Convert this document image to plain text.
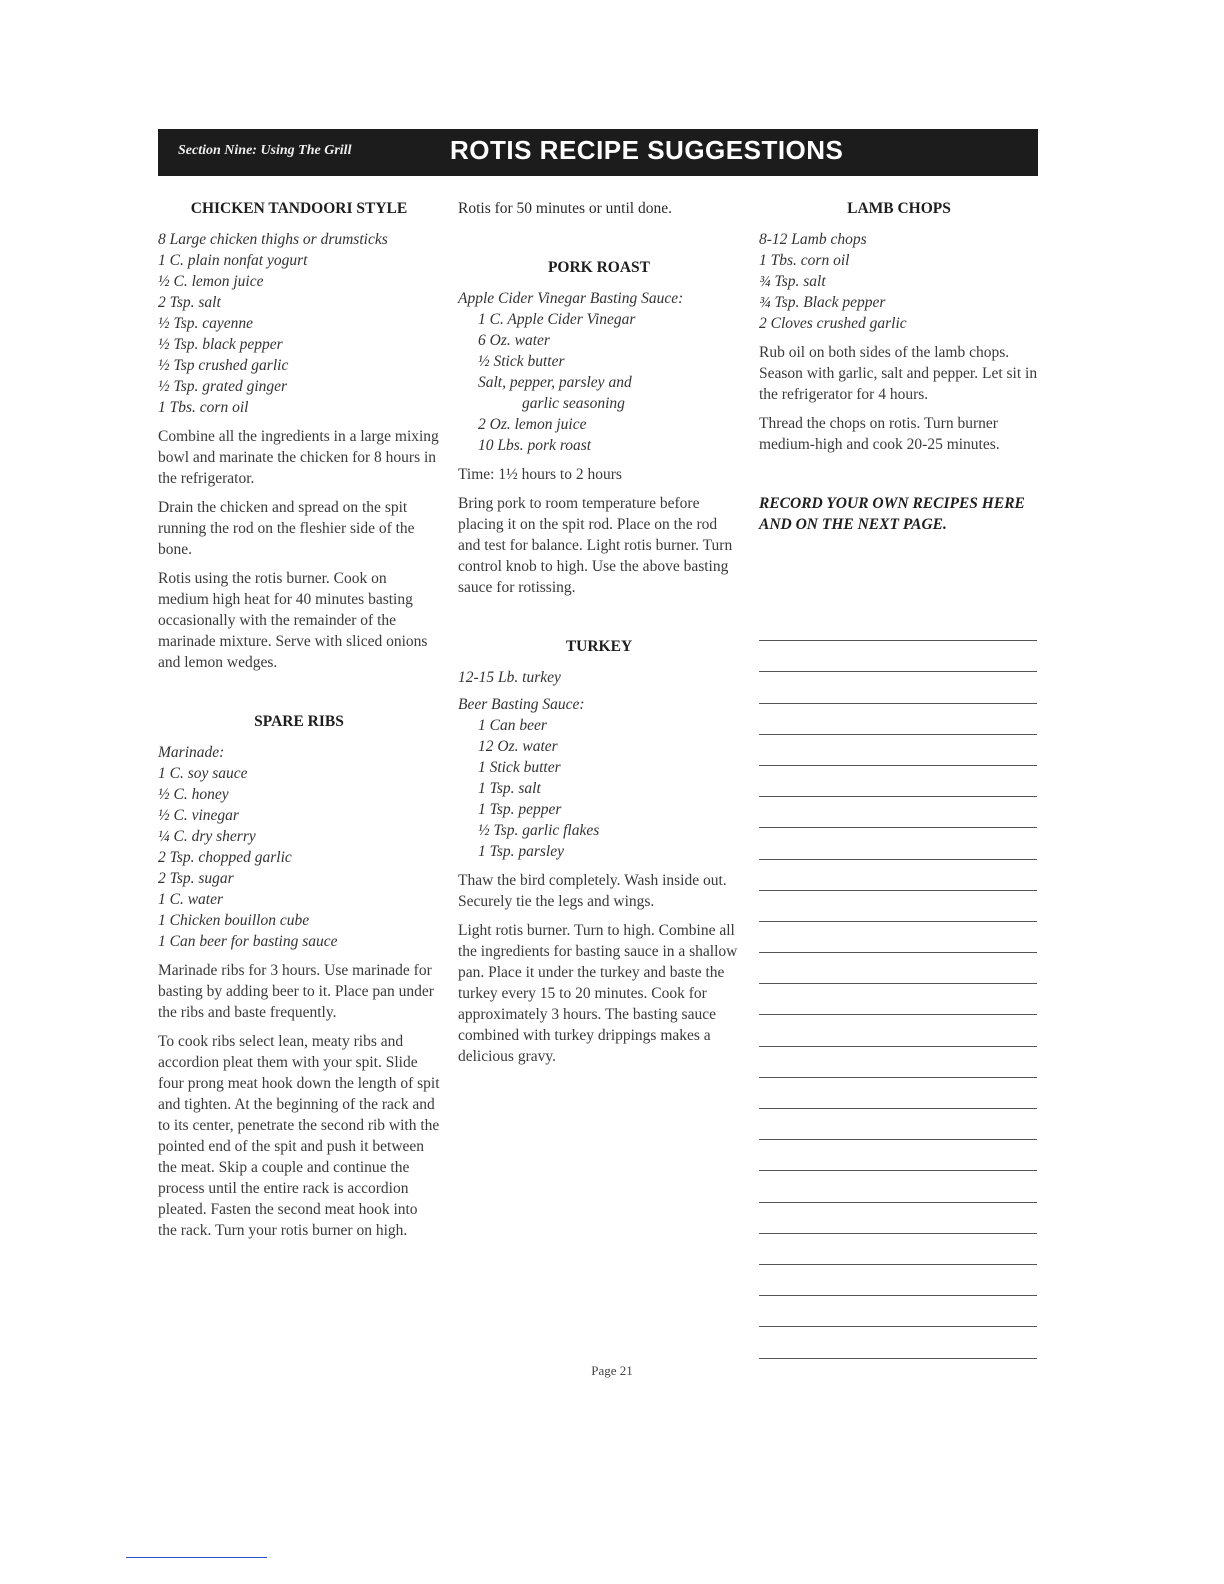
Section Nine: Using The Grill	ROTIS RECIPE SUGGESTIONS
CHICKEN TANDOORI STYLE
8 Large chicken thighs or drumsticks
1 C. plain nonfat yogurt
½ C. lemon juice
2 Tsp. salt
½ Tsp. cayenne
½ Tsp. black pepper
½ Tsp crushed garlic
½ Tsp. grated ginger
1 Tbs. corn oil
Combine all the ingredients in a large mixing bowl and marinate the chicken for 8 hours in the refrigerator.
Drain the chicken and spread on the spit running the rod on the fleshier side of the bone.
Rotis using the rotis burner. Cook on medium high heat for 40 minutes basting occasionally with the remainder of the marinade mixture. Serve with sliced onions and lemon wedges.
SPARE RIBS
Marinade:
1 C. soy sauce
½ C. honey
½ C. vinegar
¼ C. dry sherry
2 Tsp. chopped garlic
2 Tsp. sugar
1 C. water
1 Chicken bouillon cube
1 Can beer for basting sauce
Marinade ribs for 3 hours. Use marinade for basting by adding beer to it. Place pan under the ribs and baste frequently.
To cook ribs select lean, meaty ribs and accordion pleat them with your spit. Slide four prong meat hook down the length of spit and tighten. At the beginning of the rack and to its center, penetrate the second rib with the pointed end of the spit and push it between the meat. Skip a couple and continue the process until the entire rack is accordion pleated. Fasten the second meat hook into the rack. Turn your rotis burner on high.
Rotis for 50 minutes or until done.
PORK ROAST
Apple Cider Vinegar Basting Sauce:
1 C. Apple Cider Vinegar
6 Oz. water
½ Stick butter
Salt, pepper, parsley and
garlic seasoning
2 Oz. lemon juice
10 Lbs. pork roast
Time: 1½ hours to 2 hours
Bring pork to room temperature before placing it on the spit rod. Place on the rod and test for balance. Light rotis burner. Turn control knob to high. Use the above basting sauce for rotissing.
TURKEY
12-15 Lb. turkey
Beer Basting Sauce:
1 Can beer
12 Oz. water
1 Stick butter
1 Tsp. salt
1 Tsp. pepper
½ Tsp. garlic flakes
1 Tsp. parsley
Thaw the bird completely. Wash inside out. Securely tie the legs and wings.
Light rotis burner. Turn to high. Combine all the ingredients for basting sauce in a shallow pan. Place it under the turkey and baste the turkey every 15 to 20 minutes. Cook for approximately 3 hours. The basting sauce combined with turkey drippings makes a delicious gravy.
LAMB CHOPS
8-12 Lamb chops
1 Tbs. corn oil
¾ Tsp. salt
¾ Tsp. Black pepper
2 Cloves crushed garlic
Rub oil on both sides of the lamb chops. Season with garlic, salt and pepper. Let sit in the refrigerator for 4 hours.
Thread the chops on rotis. Turn burner medium-high and cook 20-25 minutes.
RECORD YOUR OWN RECIPES HERE AND ON THE NEXT PAGE.
Page 21
